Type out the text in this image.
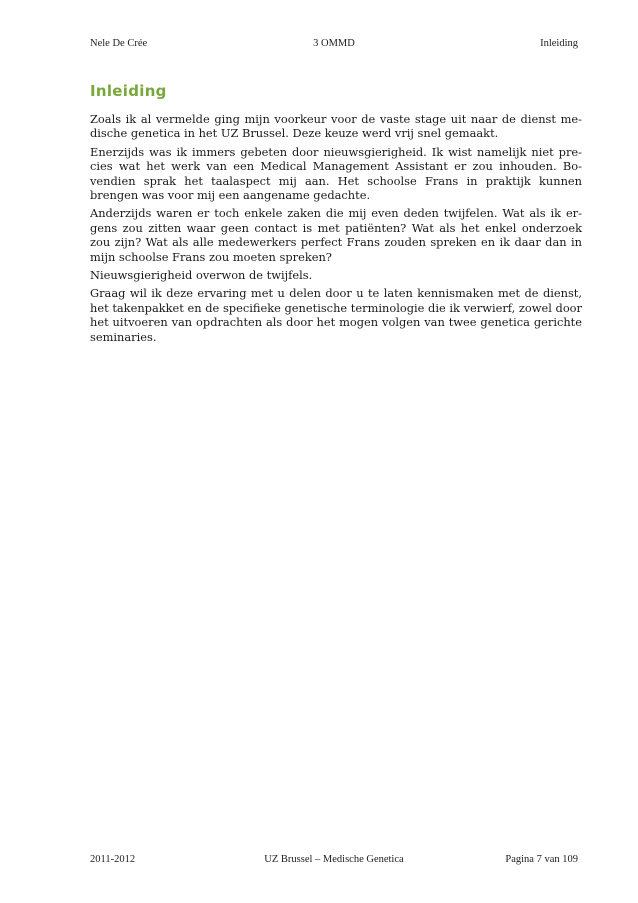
Nele De Crée	3 OMMD	Inleiding
Inleiding

Zoals ik al vermelde ging mijn voorkeur voor de vaste stage uit naar de dienst medische genetica in het UZ Brussel. Deze keuze werd vrij snel gemaakt.

Enerzijds was ik immers gebeten door nieuwsgierigheid. Ik wist namelijk niet precies wat het werk van een Medical Management Assistant er zou inhouden. Bovendien sprak het taalaspect mij aan. Het schoolse Frans in praktijk kunnen brengen was voor mij een aangename gedachte.

Anderzijds waren er toch enkele zaken die mij even deden twijfelen. Wat als ik ergens zou zitten waar geen contact is met patiënten? Wat als het enkel onderzoek zou zijn? Wat als alle medewerkers perfect Frans zouden spreken en ik daar dan in mijn schoolse Frans zou moeten spreken?

Nieuwsgierigheid overwon de twijfels.

Graag wil ik deze ervaring met u delen door u te laten kennismaken met de dienst, het takenpakket en de specifieke genetische terminologie die ik verwierf, zowel door het uitvoeren van opdrachten als door het mogen volgen van twee genetica gerichte seminaries.

2011-2012	UZ Brussel – Medische Genetica	Pagina 7 van 109
